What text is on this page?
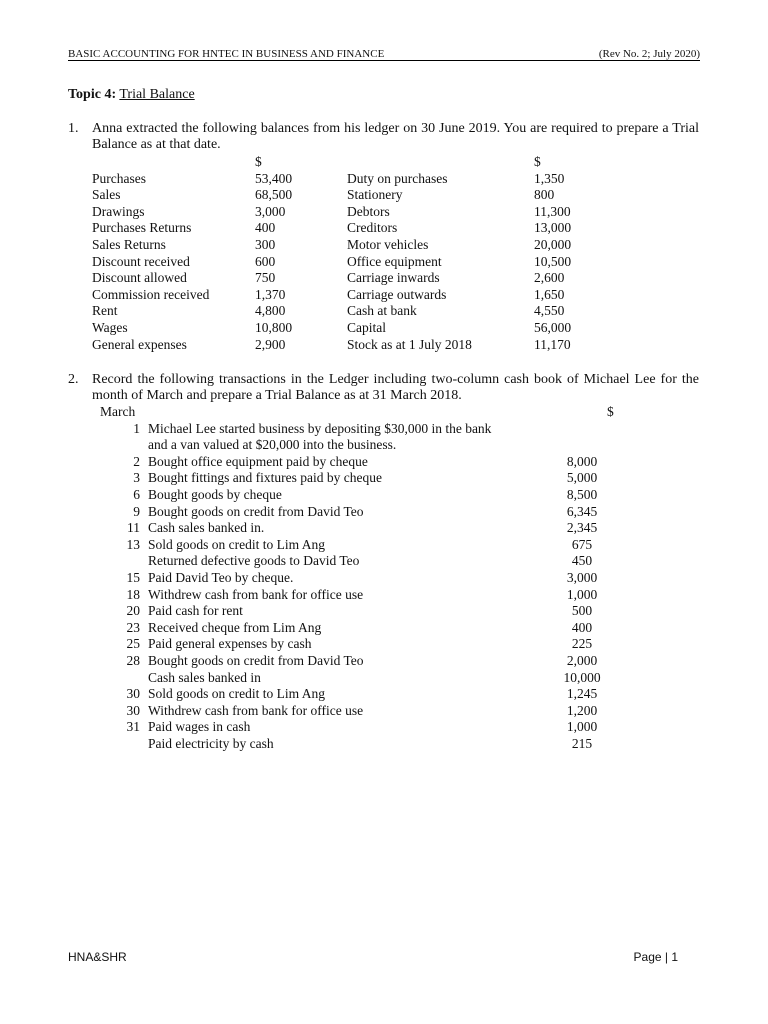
BASIC ACCOUNTING FOR HNTEC IN BUSINESS AND FINANCE	(Rev No. 2; July 2020)
Topic 4: Trial Balance
1. Anna extracted the following balances from his ledger on 30 June 2019. You are required to prepare a Trial Balance as at that date.
$	$
Purchases	53,400	Duty on purchases	1,350
Sales	68,500	Stationery	800
Drawings	3,000	Debtors	11,300
Purchases Returns	400	Creditors	13,000
Sales Returns	300	Motor vehicles	20,000
Discount received	600	Office equipment	10,500
Discount allowed	750	Carriage inwards	2,600
Commission received	1,370	Carriage outwards	1,650
Rent	4,800	Cash at bank	4,550
Wages	10,800	Capital	56,000
General expenses	2,900	Stock as at 1 July 2018	11,170
2. Record the following transactions in the Ledger including two-column cash book of Michael Lee for the month of March and prepare a Trial Balance as at 31 March 2018.
March	$
1 Michael Lee started business by depositing $30,000 in the bank
and a van valued at $20,000 into the business.
2 Bought office equipment paid by cheque	8,000
3 Bought fittings and fixtures paid by cheque	5,000
6 Bought goods by cheque	8,500
9 Bought goods on credit from David Teo	6,345
11 Cash sales banked in.	2,345
13 Sold goods on credit to Lim Ang	675
Returned defective goods to David Teo	450
15 Paid David Teo by cheque.	3,000
18 Withdrew cash from bank for office use	1,000
20 Paid cash for rent	500
23 Received cheque from Lim Ang	400
25 Paid general expenses by cash	225
28 Bought goods on credit from David Teo	2,000
Cash sales banked in	10,000
30 Sold goods on credit to Lim Ang	1,245
30 Withdrew cash from bank for office use	1,200
31 Paid wages in cash	1,000
Paid electricity by cash	215
HNA&SHR	Page | 1
